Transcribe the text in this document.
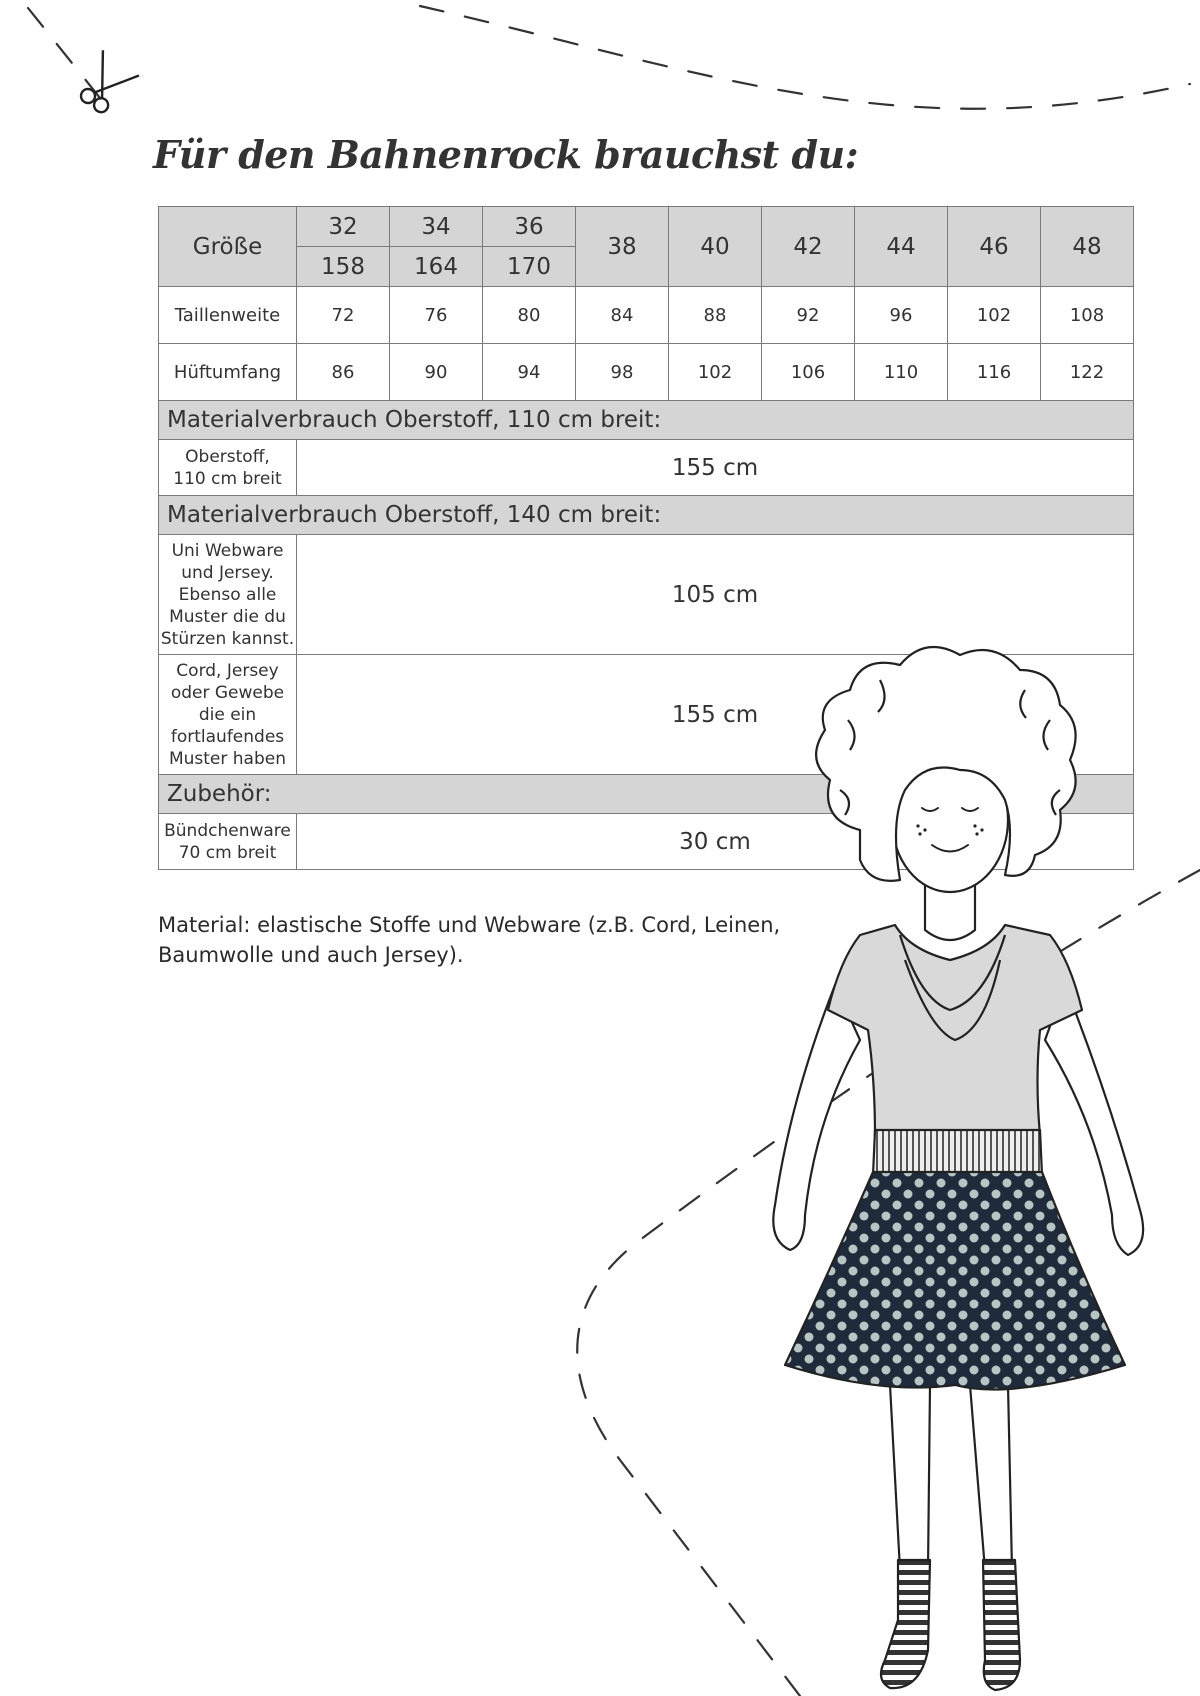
Für den Bahnenrock brauchst du:
Größe	32	34	36	38	40	42	44	46	48
	158	164	170						
Taillenweite	72	76	80	84	88	92	96	102	108
Hüftumfang	86	90	94	98	102	106	110	116	122
Materialverbrauch Oberstoff, 110 cm breit:									
Oberstoff,
110 cm breit	155 cm								
Materialverbrauch Oberstoff, 140 cm breit:									
Uni Webware
und Jersey.
Ebenso alle
Muster die du
Stürzen kannst.	105 cm								
Cord, Jersey
oder Gewebe
die ein
fortlaufendes
Muster haben	155 cm								
Zubehör:									
Bündchenware
70 cm breit	30 cm								

Material: elastische Stoffe und Webware (z.B. Cord, Leinen,
Baumwolle und auch Jersey).
